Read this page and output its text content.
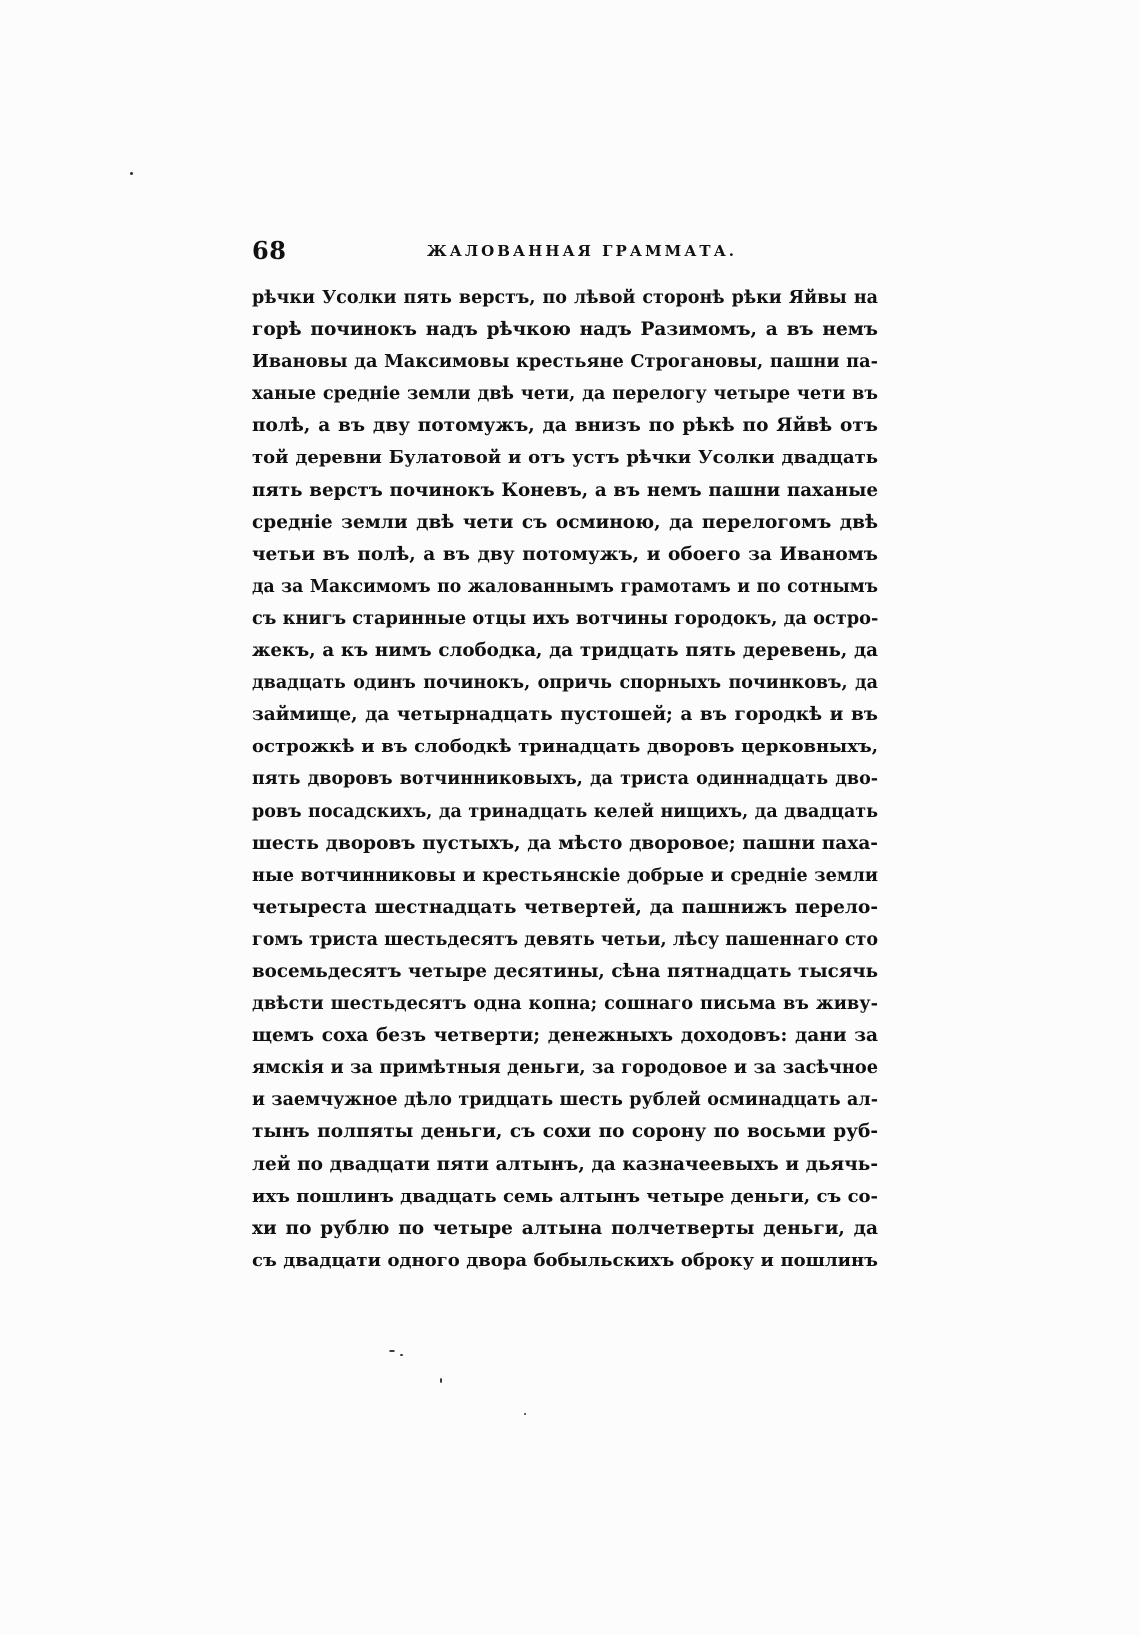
68	ЖАЛОВАННАЯ ГРАММАТА.
рѣчки Усолки пять верстъ, по лѣвой сторонѣ рѣки Яйвы на
горѣ починокъ надъ рѣчкою надъ Разимомъ, а въ немъ
Ивановы да Максимовы крестьяне Строгановы, пашни па-
ханые средніе земли двѣ чети, да перелогу четыре чети въ
полѣ, а въ дву потомужъ, да внизъ по рѣкѣ по Яйвѣ отъ
той деревни Булатовой и отъ устъ рѣчки Усолки двадцать
пять верстъ починокъ Коневъ, а въ немъ пашни паханые
средніе земли двѣ чети съ осминою, да перелогомъ двѣ
четьи въ полѣ, а въ дву потомужъ, и обоего за Иваномъ
да за Максимомъ по жалованнымъ грамотамъ и по сотнымъ
съ книгъ старинные отцы ихъ вотчины городокъ, да остро-
жекъ, а къ нимъ слободка, да тридцать пять деревень, да
двадцать одинъ починокъ, опричь спорныхъ починковъ, да
займище, да четырнадцать пустошей; а въ городкѣ и въ
острожкѣ и въ слободкѣ тринадцать дворовъ церковныхъ,
пять дворовъ вотчинниковыхъ, да триста одиннадцать дво-
ровъ посадскихъ, да тринадцать келей нищихъ, да двадцать
шесть дворовъ пустыхъ, да мѣсто дворовое; пашни паха-
ные вотчинниковы и крестьянскіе добрые и средніе земли
четыреста шестнадцать четвертей, да пашнижъ перело-
гомъ триста шестьдесятъ девять четьи, лѣсу пашеннаго сто
восемьдесятъ четыре десятины, сѣна пятнадцать тысячь
двѣсти шестьдесятъ одна копна; сошнаго письма въ живу-
щемъ соха безъ четверти; денежныхъ доходовъ: дани за
ямскія и за примѣтныя деньги, за городовое и за засѣчное
и заемчужное дѣло тридцать шесть рублей осминадцать ал-
тынъ полпяты деньги, съ сохи по сорону по восьми руб-
лей по двадцати пяти алтынъ, да казначеевыхъ и дьячь-
ихъ пошлинъ двадцать семь алтынъ четыре деньги, съ со-
хи по рублю по четыре алтына полчетверты деньги, да
съ двадцати одного двора бобыльскихъ оброку и пошлинъ
